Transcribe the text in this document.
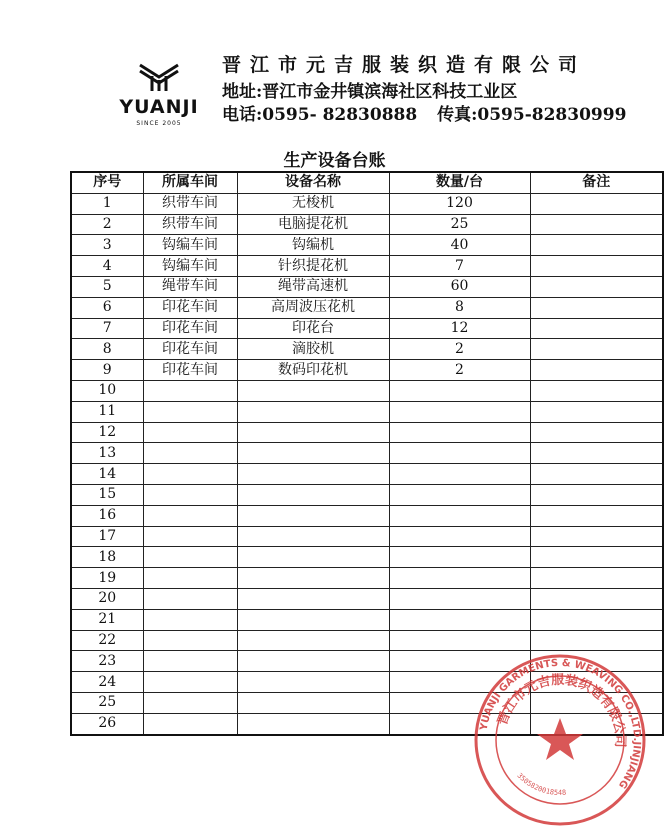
YUANJI
SINCE 2005
晋江市元吉服装织造有限公司
地址:晋江市金井镇滨海社区科技工业区
电话:0595- 82830888 传真:0595-82830999
生产设备台账
序号	所属车间	设备名称	数量/台	备注
1	织带车间	无梭机	120	
2	织带车间	电脑提花机	25	
3	钩编车间	钩编机	40	
4	钩编车间	针织提花机	7	
5	绳带车间	绳带高速机	60	
6	印花车间	高周波压花机	8	
7	印花车间	印花台	12	
8	印花车间	滴胶机	2	
9	印花车间	数码印花机	2	
10				
11				
12				
13				
14				
15				
16				
17				
18				
19				
20				
21				
22				
23				
24				
25				
26					YUANJI GARMENTS & WEAVING CO.,LTD.JINJIANG
晋江市元吉服装织造有限公司
3505820018548
